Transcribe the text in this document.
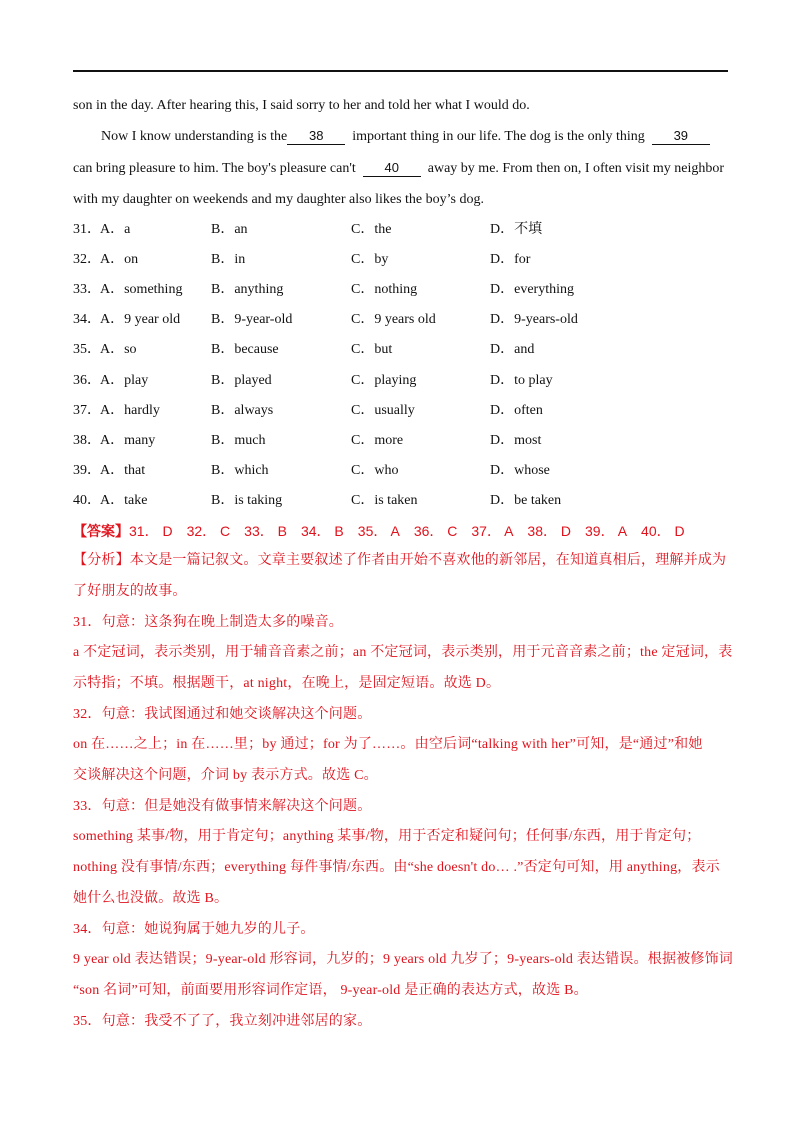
son in the day. After hearing this, I said sorry to her and told her what I would do.
Now I know understanding is the 38 important thing in our life. The dog is the only thing 39
can bring pleasure to him. The boy's pleasure can't 40 away by me. From then on, I often visit my neighbor
with my daughter on weekends and my daughter also likes the boy’s dog.
31． A．a	B．an	C．the	D．不填
32． A．on	B．in	C．by	D．for
33． A．something B．anything	C．nothing	D．everything
34． A．9 year old B．9-year-old	C．9 years old	D．9-years-old
35． A．so	B．because	C．but	D．and
36． A．play	B．played	C．playing	D．to play
37． A．hardly	B．always	C．usually	D．often
38． A．many	B．much	C．more	D．most
39． A．that	B．which	C．who	D．whose
40． A．take	B．is taking	C．is taken	D．be taken
【答案】31． D 32． C 33． B 34． B 35． A 36． C 37． A 38． D 39． A 40． D
【分析】本文是一篇记叙文。文章主要叙述了作者由开始不喜欢他的新邻居，在知道真相后，理解并成为
了好朋友的故事。
31．句意：这条狗在晚上制造太多的噪音。
a 不定冠词，表示类别，用于辅音音素之前；an 不定冠词，表示类别，用于元音音素之前；the 定冠词，表
示特指；不填。根据题干，at night，在晚上，是固定短语。故选 D。
32．句意：我试图通过和她交谈解决这个问题。
on 在……之上；in 在……里；by 通过；for 为了……。由空后词“talking with her”可知，是“通过”和她
交谈解决这个问题，介词 by 表示方式。故选 C。
33．句意：但是她没有做事情来解决这个问题。
something 某事/物，用于肯定句；anything 某事/物，用于否定和疑问句；任何事/东西，用于肯定句；
nothing 没有事情/东西；everything 每件事情/东西。由“she doesn't do… .”否定句可知，用 anything，表示
她什么也没做。故选 B。
34．句意：她说狗属于她九岁的儿子。
9 year old 表达错误；9-year-old 形容词，九岁的；9 years old 九岁了；9-years-old 表达错误。根据被修饰词
“son 名词”可知，前面要用形容词作定语， 9-year-old 是正确的表达方式，故选 B。
35．句意：我受不了了，我立刻冲进邻居的家。
